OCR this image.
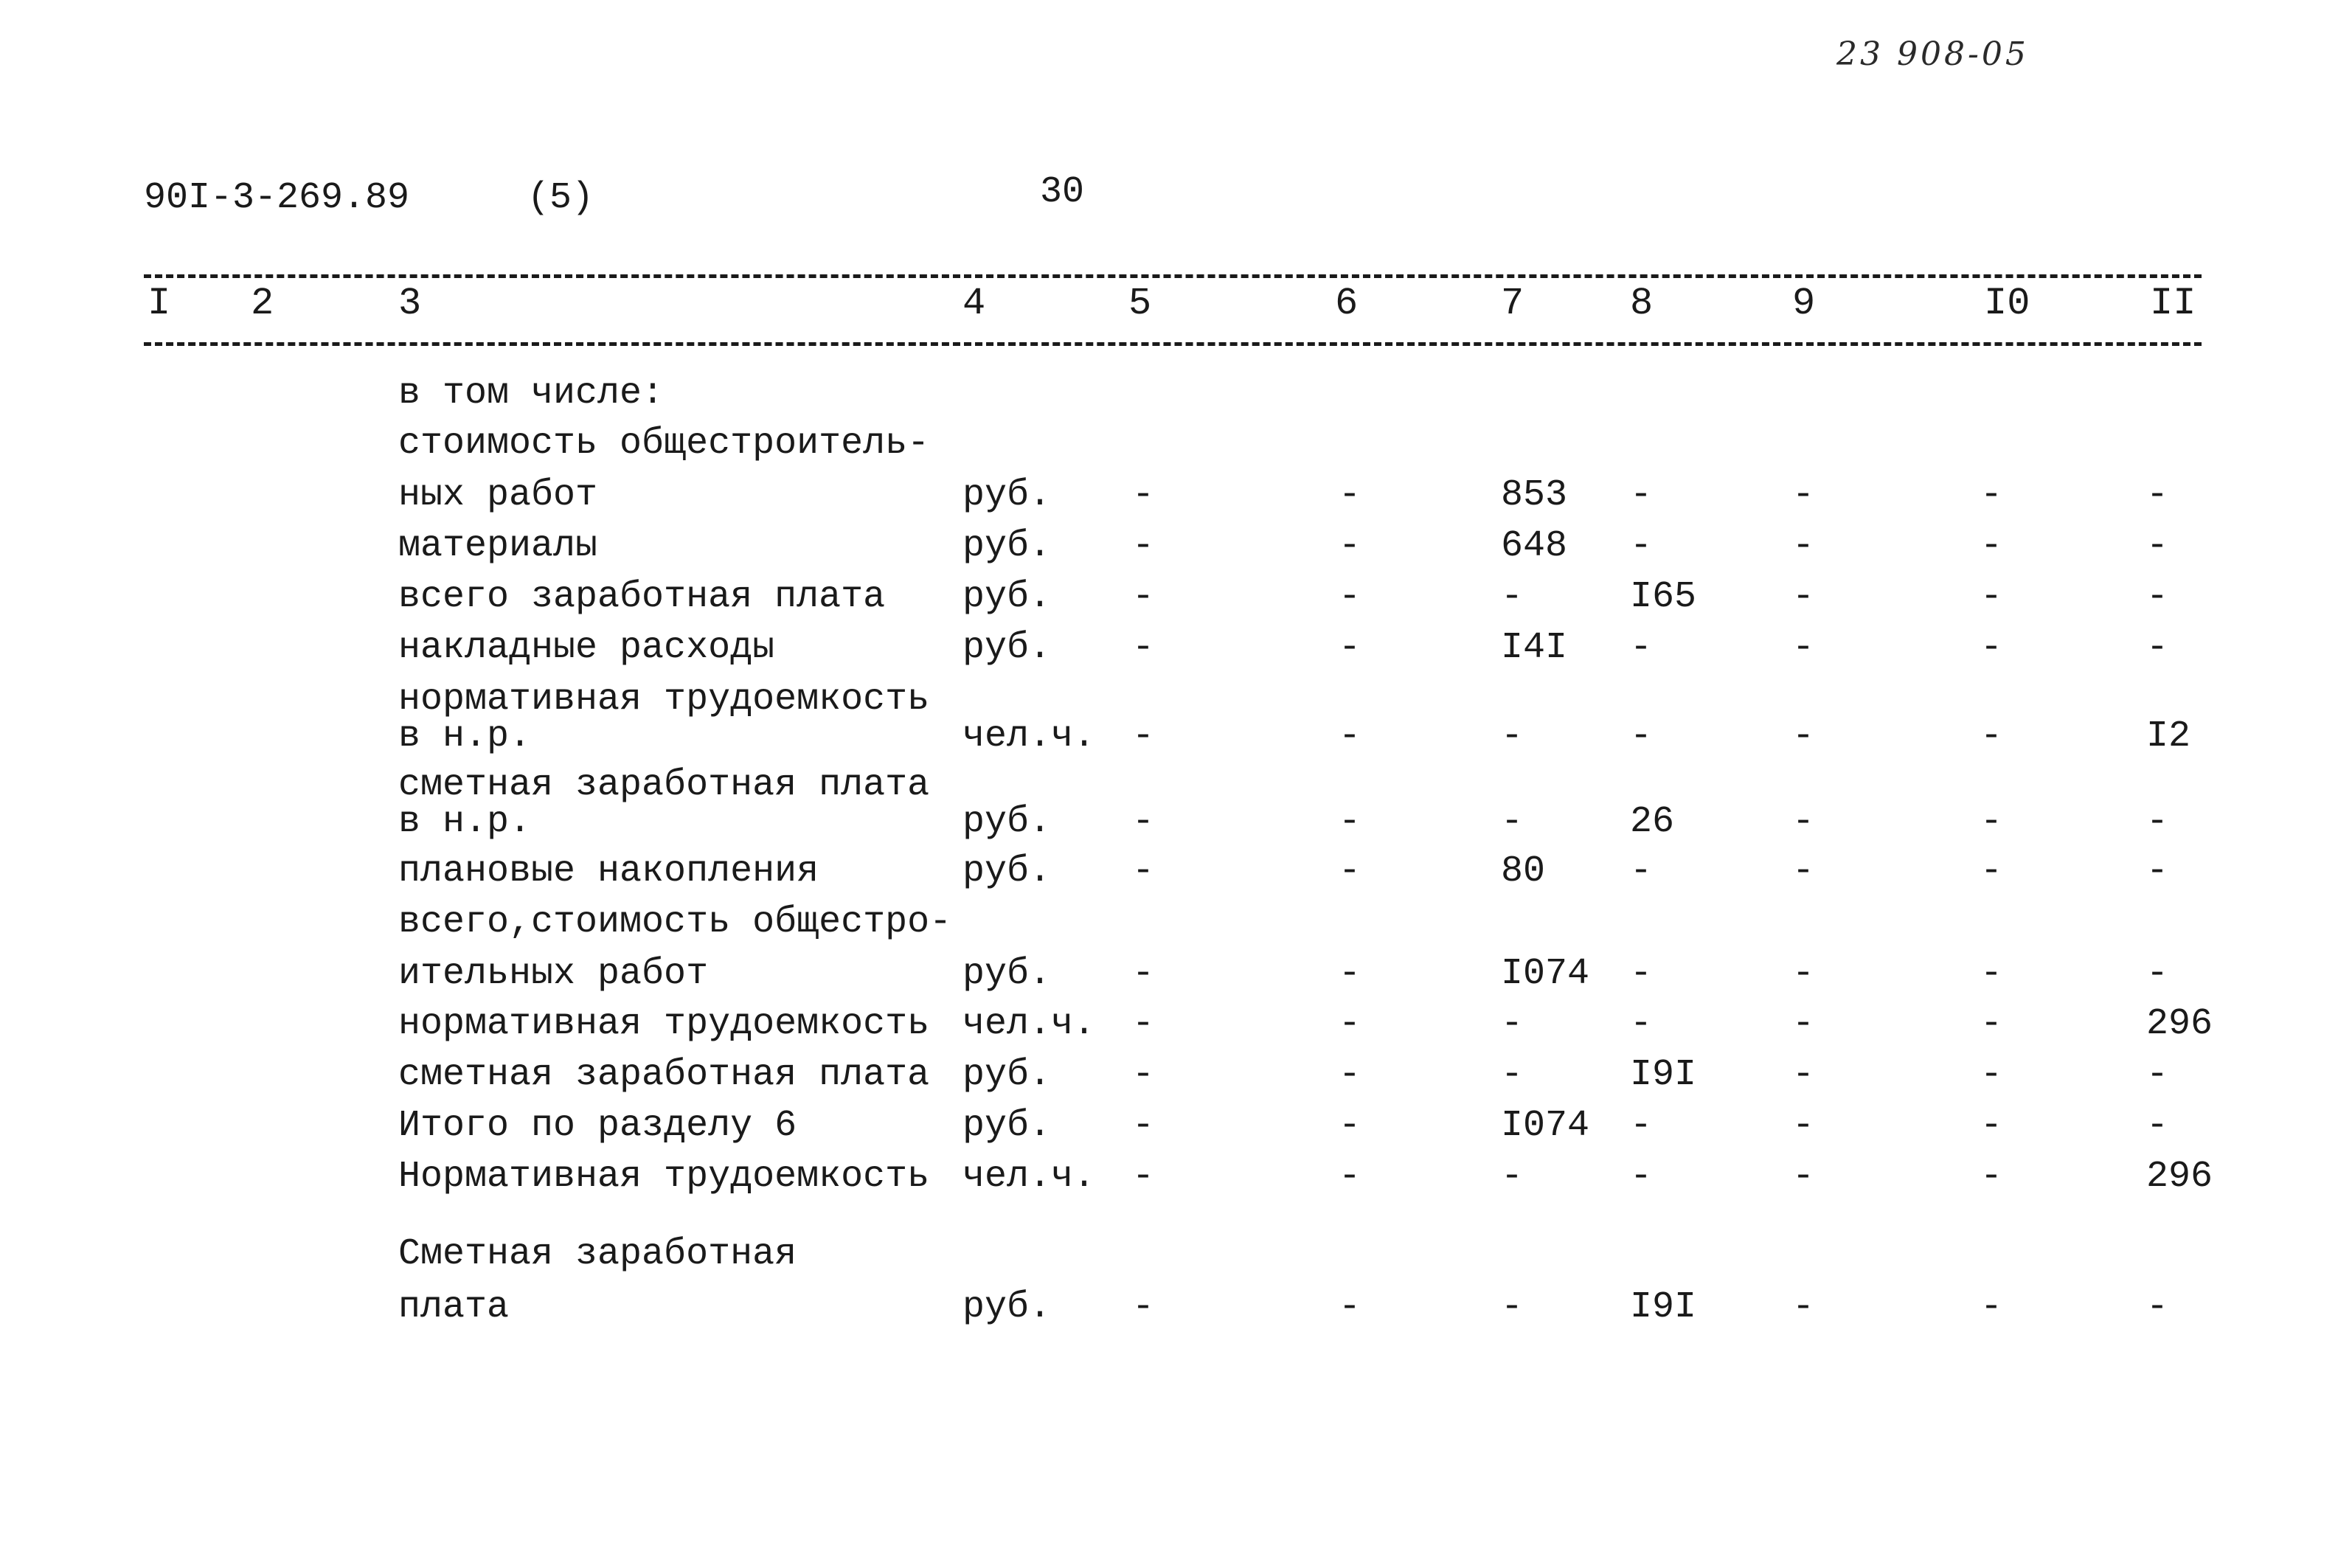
23 908-05
90I-3-269.89	(5)	30
I 2	3	4	5	6	7	8	9	I0	II
в том числе:
стоимость общестроитель-
ных работ	руб. -	-	853 -	-	-	-
материалы	руб. -	-	648 -	-	-	-
всего заработная плата руб. -	-	-	I65	-	-	-
накладные расходы	руб. -	-	I4I -	-	-	-
нормативная трудоемкость
в н.р.	чел.ч. -	-	-	-	-	-	I2
сметная заработная плата
в н.р.	руб. -	-	-	26	-	-	-
плановые накопления	руб. -	-	80 -	-	-	-
всего,стоимость общестро-
ительных работ	руб. -	-	I074 -	-	-	-
нормативная трудоемкость чел.ч. -	-	-	-	-	-	296
сметная заработная плата руб. -	-	-	I9I	-	-	-
Итого по разделу 6	руб. -	-	I074 -	-	-	-
Нормативная трудоемкость чел.ч. -	-	-	-	-	-	296
Сметная заработная
плата	руб. -	-	-	I9I	-	-	-
